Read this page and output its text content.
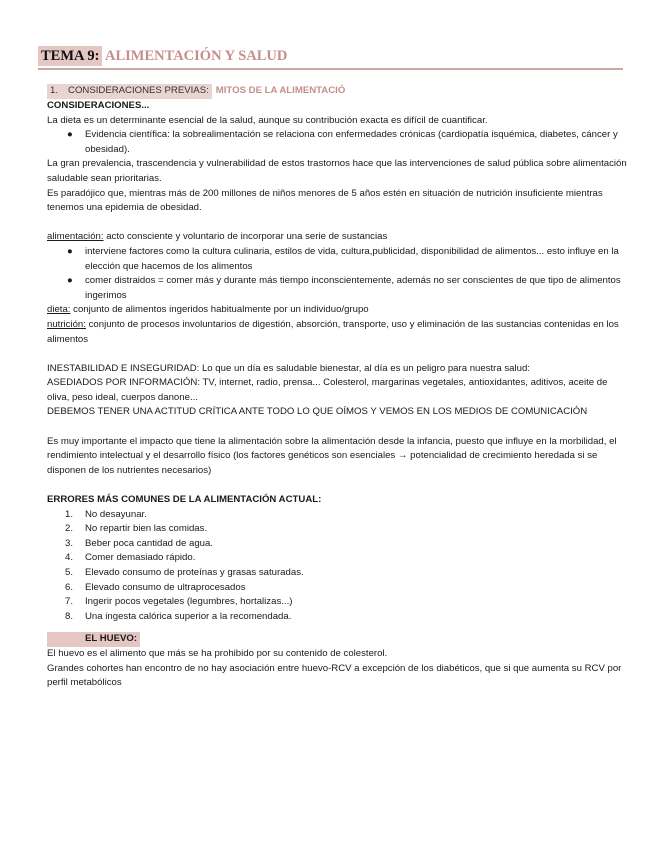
TEMA 9: ALIMENTACIÓN Y SALUD
1. CONSIDERACIONES PREVIAS: MITOS DE LA ALIMENTACIÓ

CONSIDERACIONES...

La dieta es un determinante esencial de la salud, aunque su contribución exacta es difícil de cuantificar.

● Evidencia científica: la sobrealimentación se relaciona con enfermedades crónicas (cardiopatía isquémica, diabetes, cáncer y obesidad).

La gran prevalencia, trascendencia y vulnerabilidad de estos trastornos hace que las intervenciones de salud pública sobre alimentación saludable sean prioritarias.

Es paradójico que, mientras más de 200 millones de niños menores de 5 años estén en situación de nutrición insuficiente mientras tenemos una epidemia de obesidad.

alimentación: acto consciente y voluntario de incorporar una serie de sustancias

● interviene factores como la cultura culinaria, estilos de vida, cultura,publicidad, disponibilidad de alimentos... esto influye en la elección que hacemos de los alimentos
● comer distraidos = comer más y durante más tiempo inconscientemente, además no ser conscientes de que tipo de alimentos ingerimos

dieta: conjunto de alimentos ingeridos habitualmente por un individuo/grupo

nutrición: conjunto de procesos involuntarios de digestión, absorción, transporte, uso y eliminación de las sustancias contenidas en los alimentos

INESTABILIDAD E INSEGURIDAD: Lo que un día es saludable bienestar, al día es un peligro para nuestra salud:

ASEDIADOS POR INFORMACIÓN: TV, internet, radio, prensa... Colesterol, margarinas vegetales, antioxidantes, aditivos, aceite de oliva, peso ideal, cuerpos danone...

DEBEMOS TENER UNA ACTITUD CRÍTICA ANTE TODO LO QUE OÍMOS Y VEMOS EN LOS MEDIOS DE COMUNICACIÓN

Es muy importante el impacto que tiene la alimentación sobre la alimentación desde la infancia, puesto que influye en la morbilidad, el rendimiento intelectual y el desarrollo físico (los factores genéticos son esenciales → potencialidad de crecimiento heredada si se disponen de los nutrientes necesarios)

ERRORES MÁS COMUNES DE LA ALIMENTACIÓN ACTUAL:

1. No desayunar.
2. No repartir bien las comidas.
3. Beber poca cantidad de agua.
4. Comer demasiado rápido.
5. Elevado consumo de proteínas y grasas saturadas.
6. Elevado consumo de ultraprocesados
7. Ingerir pocos vegetales (legumbres, hortalizas...)
8. Una ingesta calórica superior a la recomendada.

EL HUEVO:

El huevo es el alimento que más se ha prohibido por su contenido de colesterol.

Grandes cohortes han encontro de no hay asociación entre huevo-RCV a excepción de los diabéticos, que si que aumenta su RCV por perfil metabólicos
